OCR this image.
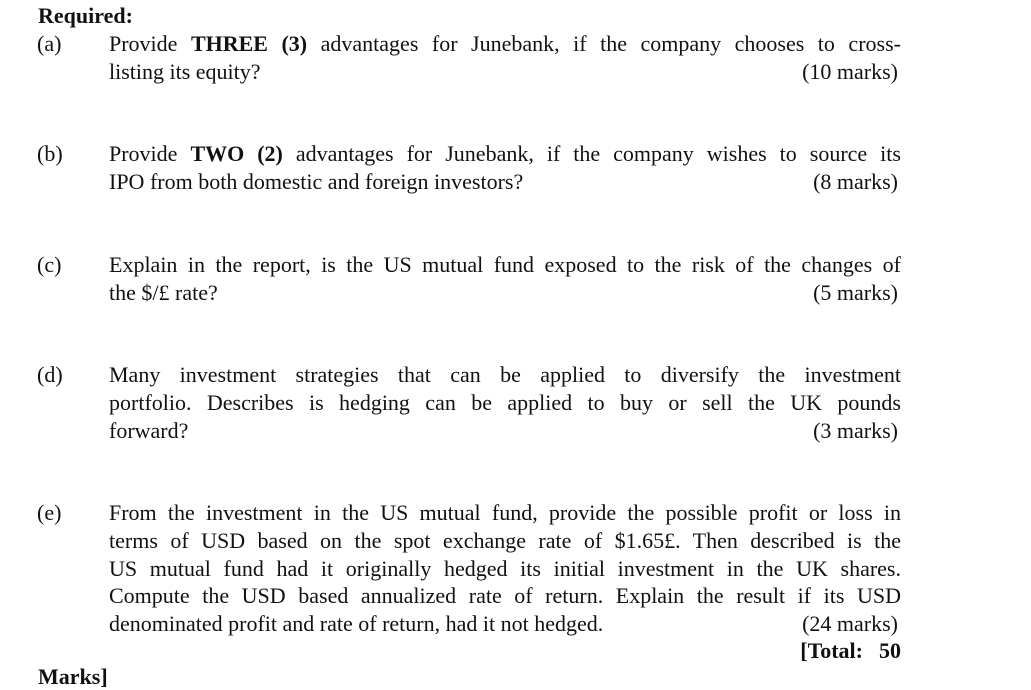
Required:
(a) Provide THREE (3) advantages for Junebank, if the company chooses to cross-
listing its equity?	(10 marks)
(b) Provide TWO (2) advantages for Junebank, if the company wishes to source its
IPO from both domestic and foreign investors?	(8 marks)
(c) Explain in the report, is the US mutual fund exposed to the risk of the changes of
the $/£ rate?	(5 marks)
(d) Many investment strategies that can be applied to diversify the investment
portfolio. Describes is hedging can be applied to buy or sell the UK pounds
forward?	(3 marks)
(e) From the investment in the US mutual fund, provide the possible profit or loss in
terms of USD based on the spot exchange rate of $1.65£. Then described is the
US mutual fund had it originally hedged its initial investment in the UK shares.
Compute the USD based annualized rate of return. Explain the result if its USD
denominated profit and rate of return, had it not hedged.	(24 marks)
[Total: 50
Marks]
